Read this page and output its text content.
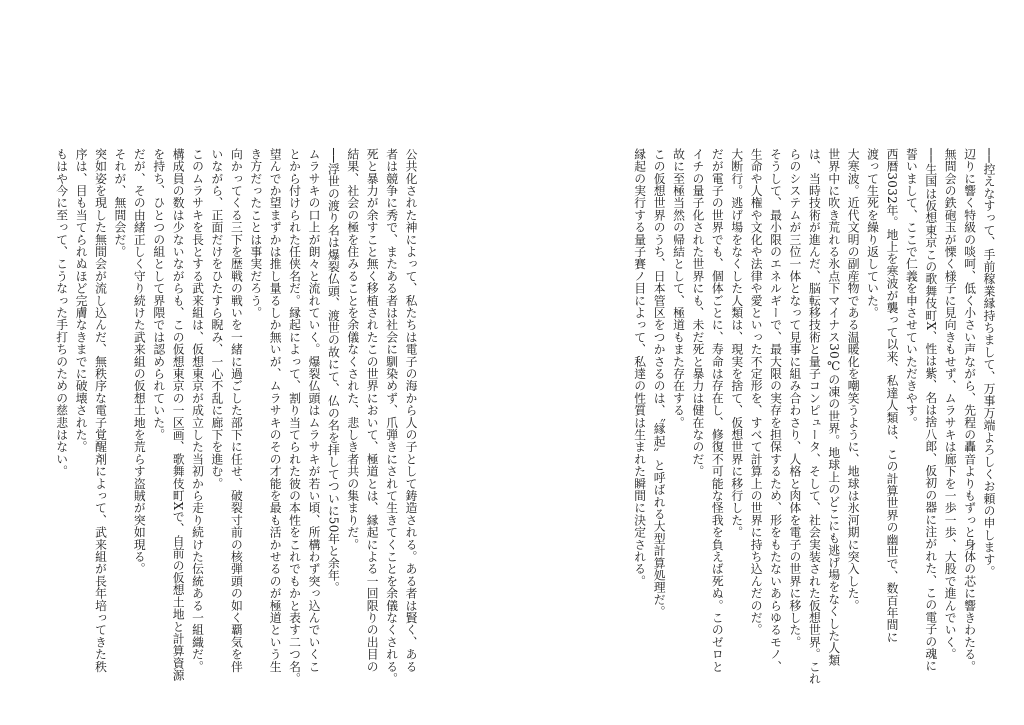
──控えなすって、手前稼業縁持ちまして、万事万端よろしくお頼の申します。

辺りに響く特級の啖呵、低く小さい声ながら、先程の轟音よりもずっと身体の芯に響きわたる。

無間会の鉄砲玉が慄く様子に見向きもせず、ムラサキは廊下を一歩一歩、大股で進んでいく。

──生国は仮想東京この歌舞伎町X、性は紫、名は捨八郎、仮初の器に注がれた、この電子の魂に

誓いまして、ここで仁義を申させていただきやす。

西暦3032年。地上を寒波が襲って以来、私達人類は、この計算世界の幽世で、数百年間に

渡って生死を繰り返していた。

大寒波。近代文明の副産物である温暖化を嘲笑うように、地球は氷河期に突入した。

世界中に吹き荒れる氷点下マイナス30℃の凍の世界。地球上のどこにも逃げ場をなくした人類

は、当時技術が進んだ、脳転移技術と量子コンピュータ、そして、社会実装された仮想世界。これ

らのシステムが三位一体となって見事に組み合わさり、人格と肉体を電子の世界に移した。

そうして、最小限のエネルギーで、最大限の実存を担保するため、形をもたないあらゆるモノ、

生命や人権や文化や法律や愛といった不定形を、すべて計算上の世界に持ち込んだのだ。

大断行。逃げ場をなくした人類は、現実を捨て、仮想世界に移行した。

だが電子の世界でも、個体ごとに、寿命は存在し、修復不可能な怪我を負えば死ぬ。このゼロと

イチの量子化された世界にも、未だ死と暴力は健在なのだ。

故に至極当然の帰結として、極道もまた存在する。

この仮想世界のうち、日本管区をつかさるのは、〝縁起〟と呼ばれる大型計算処理だ。

縁起の実行する量子賽ノ目によって、私達の性質は生まれた瞬間に決定される。

公共化された神によって、私たちは電子の海から人の子として鋳造される。ある者は賢く、ある

者は競争に秀で、またある者は社会に馴染めず、爪弾きにされて生きてくことを余儀なくされる。

死と暴力が余すこと無く移植されたこの世界において、極道とは、縁起による一回限りの出目の

結果、社会の極を住みることを余儀なくされた、悲しき者共の集まりだ。

──浮世の渡り名は爆裂仏頭、渡世の故にて、仏の名を拝してついに50年と余年。

ムラサキの口上が朗々と流れていく。爆裂仏頭はムラサキが若い頃、所構わず突っ込んでいくこ

とから付けられた任侠名だ。縁起によって、割り当てられた彼の本性をこれでもかと表す二つ名。

望んでか望まずかは推し量るしか無いが、ムラサキのその才能を最も活かせるのが極道という生

き方だったことは事実だろう。

向かってくる三下を歴戦の戦いを一緒に過ごした部下に任せ、破裂寸前の核弾頭の如く覇気を伴

いながら、正面だけをひたすら睨み、一心不乱に廊下を進む。

このムラサキを長とする武来組は、仮想東京が成立した当初から走り続けた伝統ある一組織だ。

構成員の数は少ないながらも、この仮想東京の一区画、歌舞伎町Xで、自前の仮想土地と計算資源

を持ち、ひとつの組として界隈では認められていた。

だが、その由緒正しく守り続けた武来組の仮想土地を荒らす盗賊が突如現る。

それが、無間会だ。

突如姿を現した無間会が流し込んだ、無秩序な電子覚醒剤によって、武来組が長年培ってきた秩

序は、目も当てられぬほど完膚なきまでに破壊された。

もはや今に至って、こうなった手打ちのための慈悲はない。
